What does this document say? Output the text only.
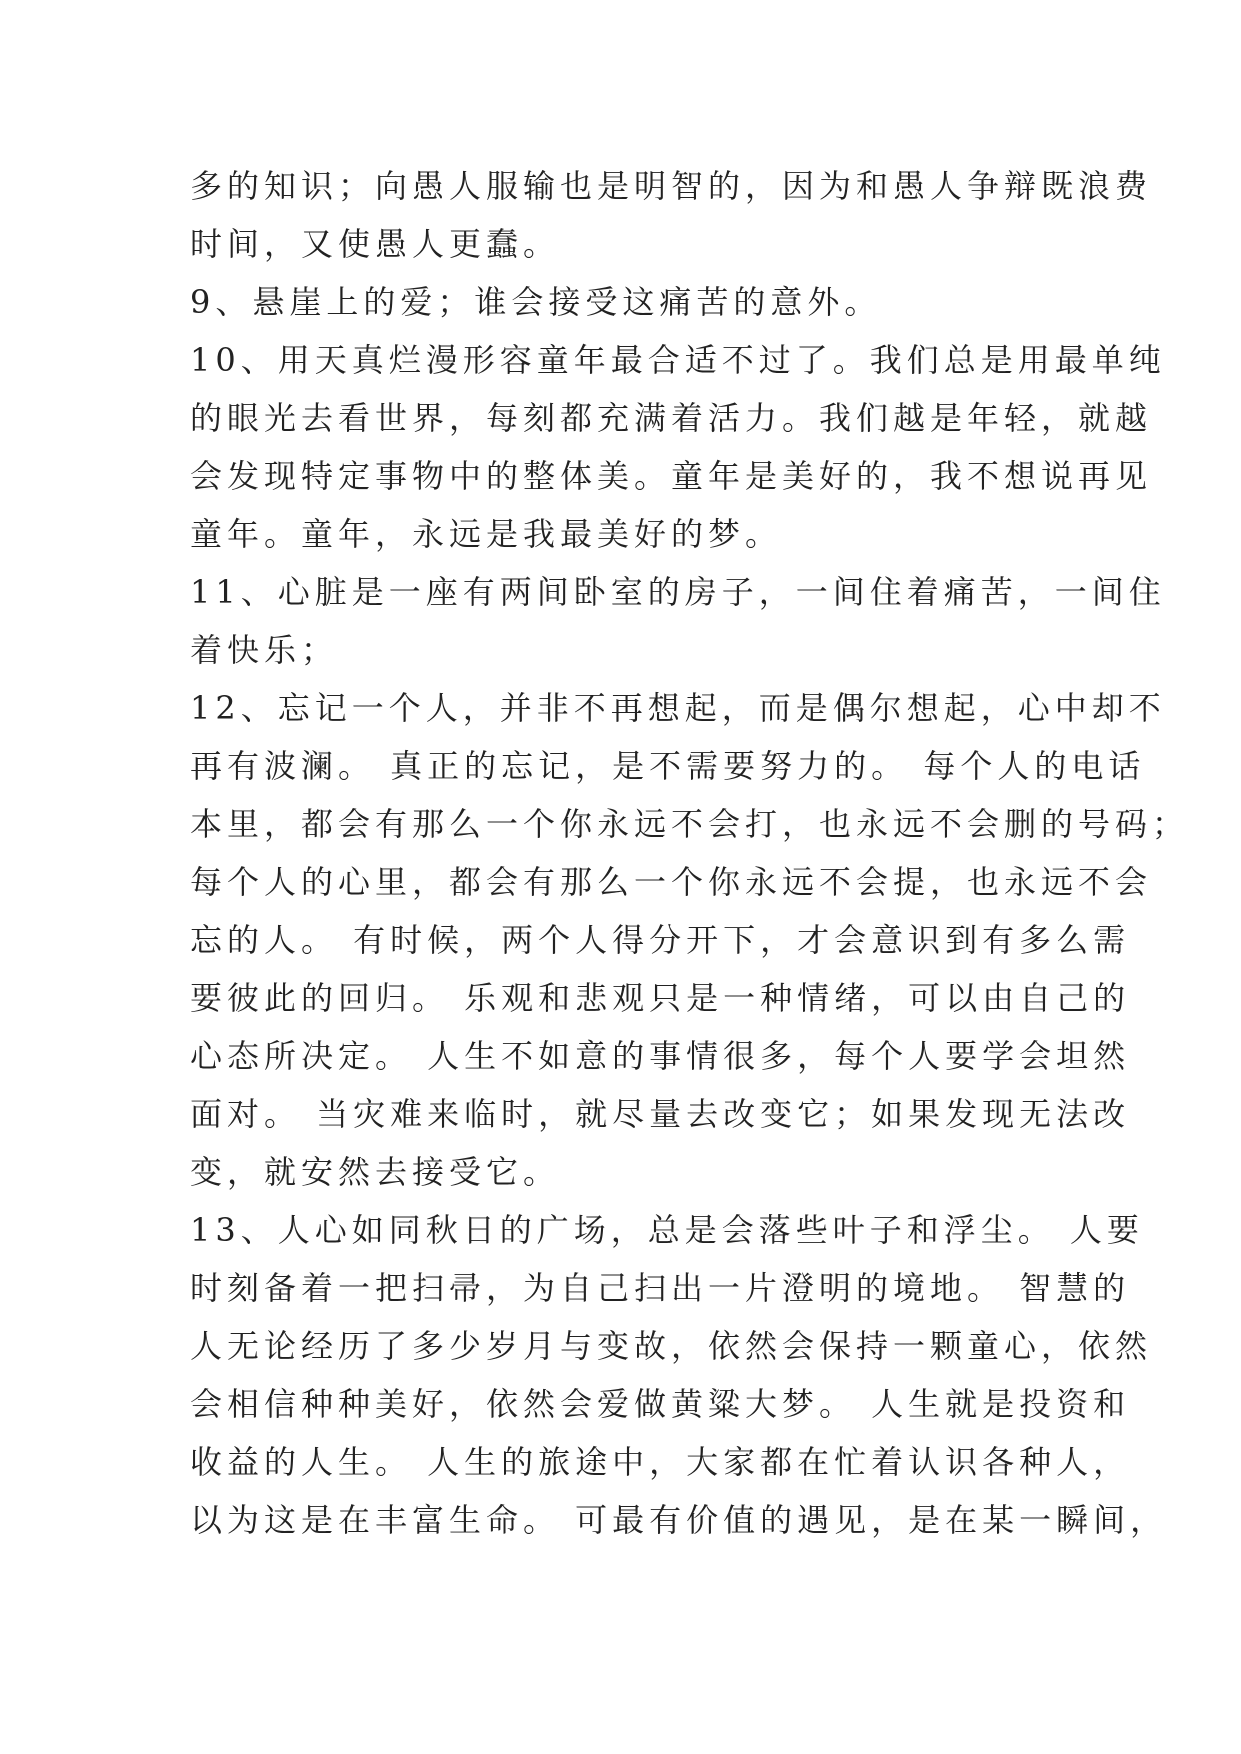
多的知识；向愚人服输也是明智的，因为和愚人争辩既浪费
时间，又使愚人更蠢。
9、悬崖上的爱；谁会接受这痛苦的意外。
10、用天真烂漫形容童年最合适不过了。我们总是用最单纯
的眼光去看世界，每刻都充满着活力。我们越是年轻，就越
会发现特定事物中的整体美。童年是美好的，我不想说再见
童年。童年，永远是我最美好的梦。
11、心脏是一座有两间卧室的房子，一间住着痛苦，一间住
着快乐；
12、忘记一个人，并非不再想起，而是偶尔想起，心中却不
再有波澜。 真正的忘记，是不需要努力的。 每个人的电话
本里，都会有那么一个你永远不会打，也永远不会删的号码；
每个人的心里，都会有那么一个你永远不会提，也永远不会
忘的人。 有时候，两个人得分开下，才会意识到有多么需
要彼此的回归。 乐观和悲观只是一种情绪，可以由自己的
心态所决定。 人生不如意的事情很多，每个人要学会坦然
面对。 当灾难来临时，就尽量去改变它；如果发现无法改
变，就安然去接受它。
13、人心如同秋日的广场，总是会落些叶子和浮尘。 人要
时刻备着一把扫帚，为自己扫出一片澄明的境地。 智慧的
人无论经历了多少岁月与变故，依然会保持一颗童心，依然
会相信种种美好，依然会爱做黄粱大梦。 人生就是投资和
收益的人生。 人生的旅途中，大家都在忙着认识各种人，
以为这是在丰富生命。 可最有价值的遇见，是在某一瞬间，
